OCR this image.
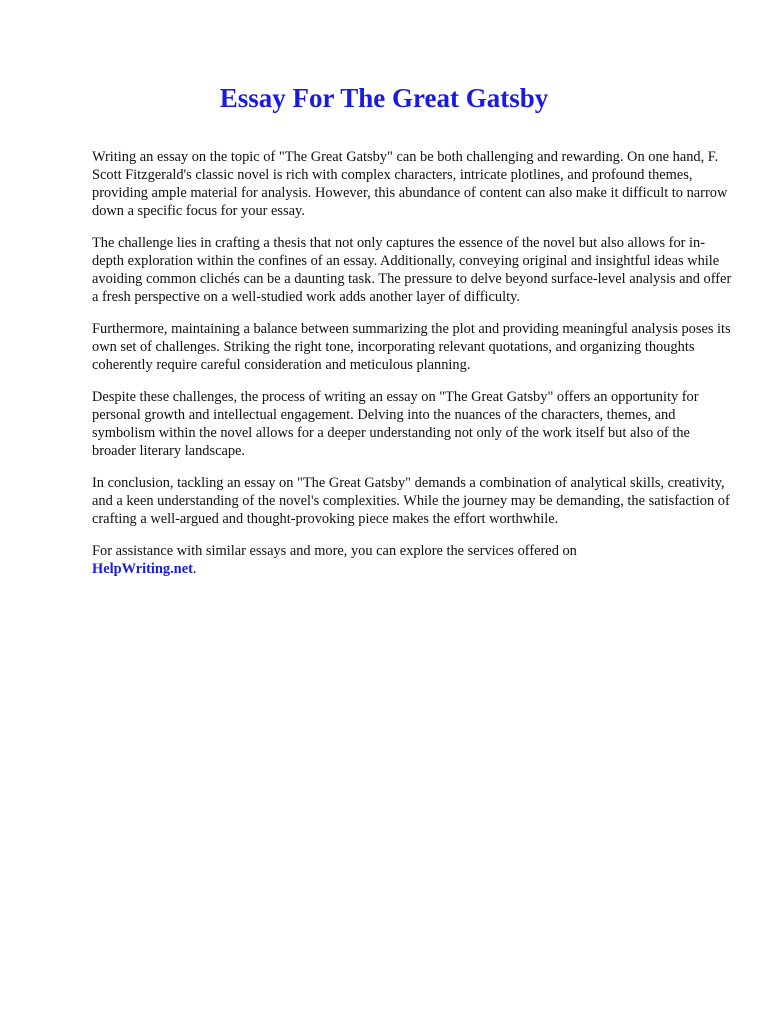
Essay For The Great Gatsby

Writing an essay on the topic of "The Great Gatsby" can be both challenging and rewarding. On one hand, F. Scott Fitzgerald's classic novel is rich with complex characters, intricate plotlines, and profound themes, providing ample material for analysis. However, this abundance of content can also make it difficult to narrow down a specific focus for your essay.

The challenge lies in crafting a thesis that not only captures the essence of the novel but also allows for in-depth exploration within the confines of an essay. Additionally, conveying original and insightful ideas while avoiding common clichés can be a daunting task. The pressure to delve beyond surface-level analysis and offer a fresh perspective on a well-studied work adds another layer of difficulty.

Furthermore, maintaining a balance between summarizing the plot and providing meaningful analysis poses its own set of challenges. Striking the right tone, incorporating relevant quotations, and organizing thoughts coherently require careful consideration and meticulous planning.

Despite these challenges, the process of writing an essay on "The Great Gatsby" offers an opportunity for personal growth and intellectual engagement. Delving into the nuances of the characters, themes, and symbolism within the novel allows for a deeper understanding not only of the work itself but also of the broader literary landscape.

In conclusion, tackling an essay on "The Great Gatsby" demands a combination of analytical skills, creativity, and a keen understanding of the novel's complexities. While the journey may be demanding, the satisfaction of crafting a well-argued and thought-provoking piece makes the effort worthwhile.

For assistance with similar essays and more, you can explore the services offered on
HelpWriting.net.
